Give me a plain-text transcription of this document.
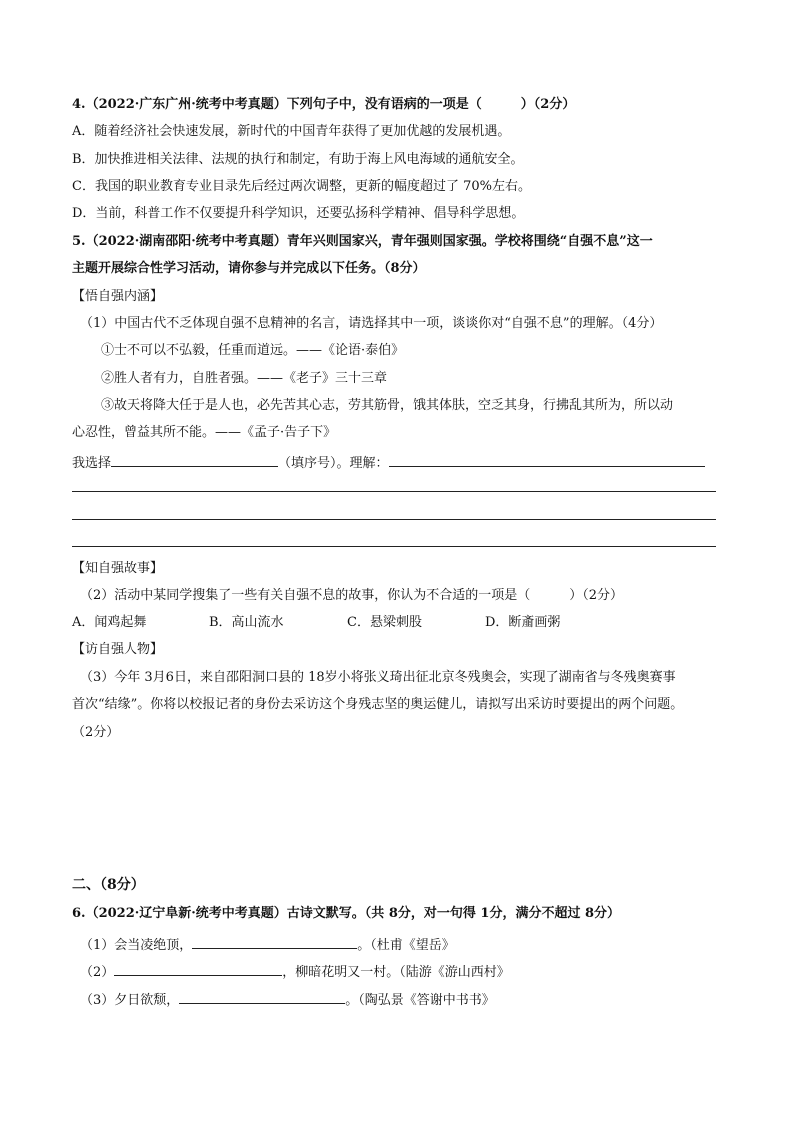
4.（2022·广东广州·统考中考真题）下列句子中，没有语病的一项是（　　　）（2分）
A．随着经济社会快速发展，新时代的中国青年获得了更加优越的发展机遇。
B．加快推进相关法律、法规的执行和制定，有助于海上风电海域的通航安全。
C．我国的职业教育专业目录先后经过两次调整，更新的幅度超过了 70%左右。
D．当前，科普工作不仅要提升科学知识，还要弘扬科学精神、倡导科学思想。
5.（2022·湖南邵阳·统考中考真题）青年兴则国家兴，青年强则国家强。学校将围绕“自强不息”这一
主题开展综合性学习活动，请你参与并完成以下任务。（8分）
【悟自强内涵】
（1）中国古代不乏体现自强不息精神的名言，请选择其中一项，谈谈你对“自强不息”的理解。（4分）
①士不可以不弘毅，任重而道远。——《论语·泰伯》
②胜人者有力，自胜者强。——《老子》三十三章
③故天将降大任于是人也，必先苦其心志，劳其筋骨，饿其体肤，空乏其身，行拂乱其所为，所以动
心忍性，曾益其所不能。——《孟子·告子下》
我选择	（填序号）。理解：
【知自强故事】
（2）活动中某同学搜集了一些有关自强不息的故事，你认为不合适的一项是（　　　）（2分）
A．闻鸡起舞	B．高山流水	C．悬梁刺股	D．断齑画粥
【访自强人物】
（3）今年 3月6日，来自邵阳洞口县的 18岁小将张义琦出征北京冬残奥会，实现了湖南省与冬残奥赛事
首次“结缘”。你将以校报记者的身份去采访这个身残志坚的奥运健儿，请拟写出采访时要提出的两个问题。
（2分）
二、（8分）
6.（2022·辽宁阜新·统考中考真题）古诗文默写。（共 8分，对一句得 1分，满分不超过 8分）
（1）会当凌绝顶，	。（杜甫《望岳》
（2）	，柳暗花明又一村。（陆游《游山西村》
（3）夕日欲颓，	。（陶弘景《答谢中书书》
